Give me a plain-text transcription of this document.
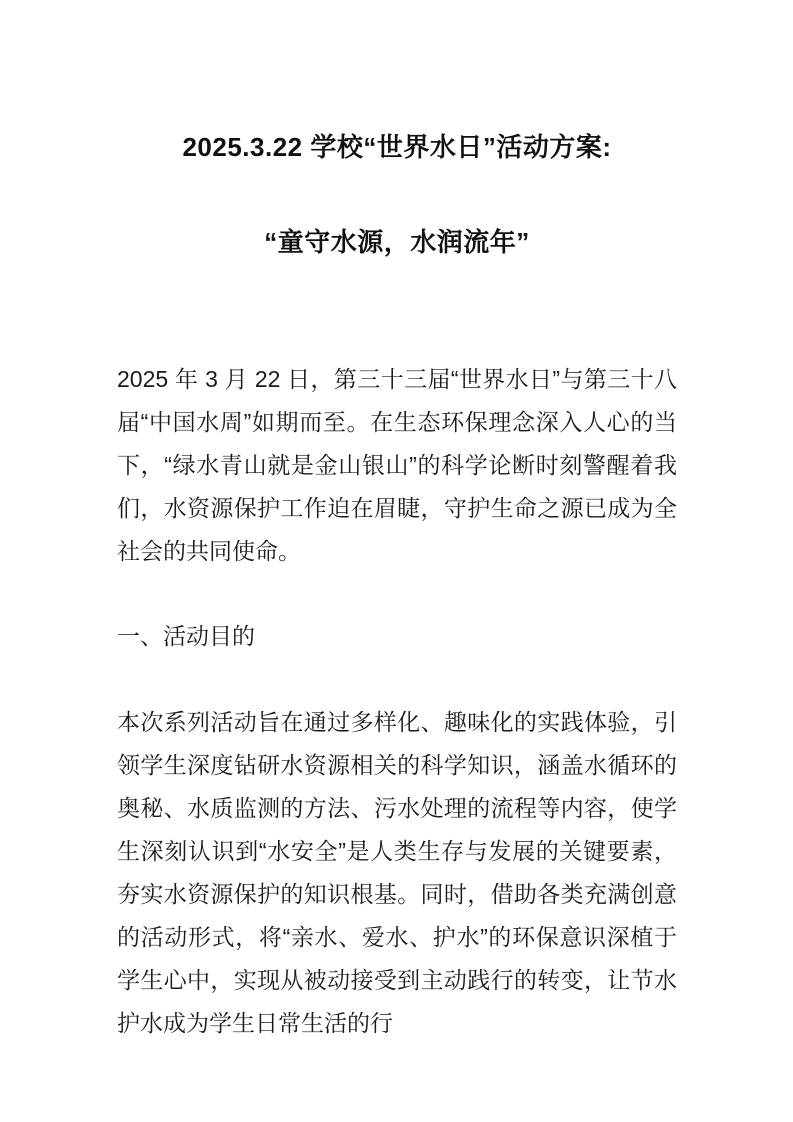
2025.3.22 学校“世界水日”活动方案:
“童守水源，水润流年”

2025 年 3 月 22 日，第三十三届“世界水日”与第三十八届“中国水周”如期而至。在生态环保理念深入人心的当下，“绿水青山就是金山银山”的科学论断时刻警醒着我们，水资源保护工作迫在眉睫，守护生命之源已成为全社会的共同使命。

一、活动目的

本次系列活动旨在通过多样化、趣味化的实践体验，引领学生深度钻研水资源相关的科学知识，涵盖水循环的奥秘、水质监测的方法、污水处理的流程等内容，使学生深刻认识到“水安全”是人类生存与发展的关键要素，夯实水资源保护的知识根基。同时，借助各类充满创意的活动形式，将“亲水、爱水、护水”的环保意识深植于学生心中，实现从被动接受到主动践行的转变，让节水护水成为学生日常生活的行
